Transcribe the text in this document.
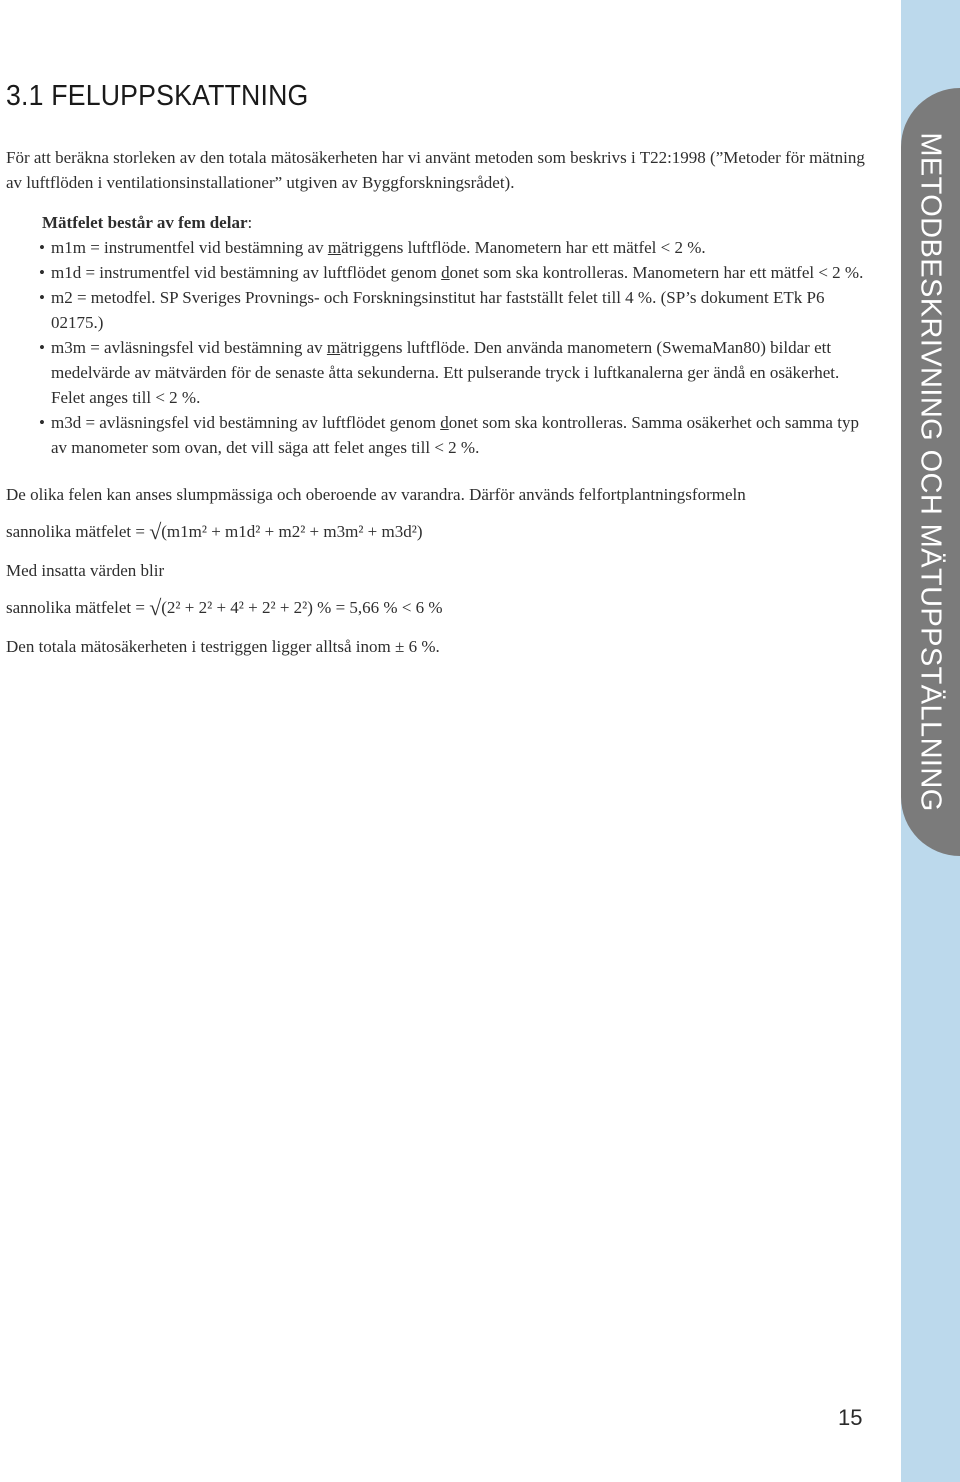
METODBESKRIVNING OCH MÄTUPPSTÄLLNING
3.1 FELUPPSKATTNING

För att beräkna storleken av den totala mätosäkerheten har vi använt metoden som beskrivs i T22:1998 (”Metoder för mätning av luftflöden i ventilationsinstallationer” utgiven av Byggforskningsrådet).

Mätfelet består av fem delar:

• m1m = instrumentfel vid bestämning av mätriggens luftflöde. Manometern har ett mätfel < 2 %.
• m1d = instrumentfel vid bestämning av luftflödet genom donet som ska kontrolleras. Manometern har ett mätfel < 2 %.
• m2 = metodfel. SP Sveriges Provnings- och Forskningsinstitut har fastställt felet till 4 %. (SP’s dokument ETk P6 02175.)
• m3m = avläsningsfel vid bestämning av mätriggens luftflöde. Den använda manometern (SwemaMan80) bildar ett medelvärde av mätvärden för de senaste åtta sekunderna. Ett pulserande tryck i luftkanalerna ger ändå en osäkerhet. Felet anges till < 2 %.
• m3d = avläsningsfel vid bestämning av luftflödet genom donet som ska kontrolleras. Samma osäkerhet och samma typ av manometer som ovan, det vill säga att felet anges till < 2 %.

De olika felen kan anses slumpmässiga och oberoende av varandra. Därför används felfortplantningsformeln

sannolika mätfelet = √(m1m² + m1d² + m2² + m3m² + m3d²)

Med insatta värden blir

sannolika mätfelet = √(2² + 2² + 4² + 2² + 2²) % = 5,66 % < 6 %

Den totala mätosäkerheten i testriggen ligger alltså inom ± 6 %.

15
